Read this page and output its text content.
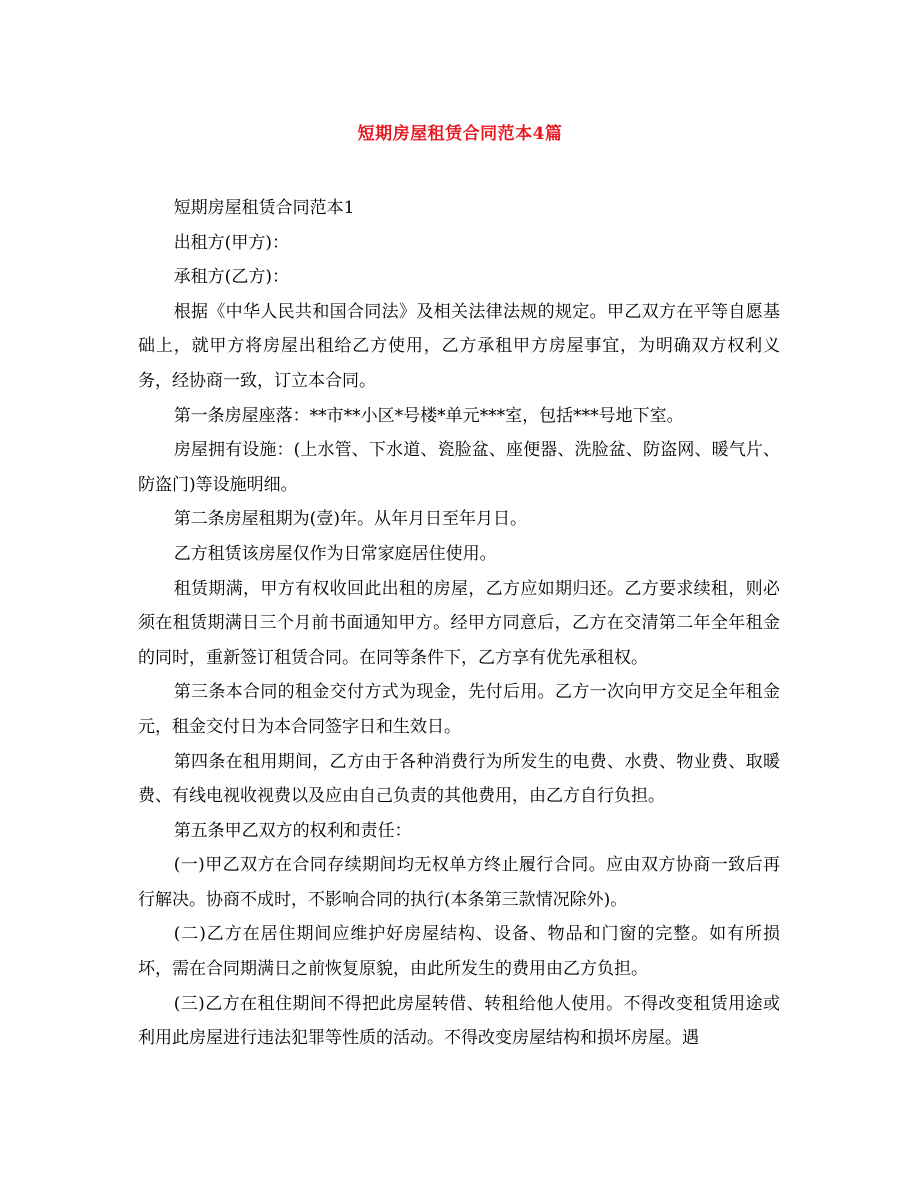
短期房屋租赁合同范本4篇

短期房屋租赁合同范本1

出租方(甲方)：

承租方(乙方)：

根据《中华人民共和国合同法》及相关法律法规的规定。甲乙双方在平等自愿基础上，就甲方将房屋出租给乙方使用，乙方承租甲方房屋事宜，为明确双方权利义务，经协商一致，订立本合同。

第一条房屋座落：**市**小区*号楼*单元***室，包括***号地下室。

房屋拥有设施：(上水管、下水道、瓷脸盆、座便器、洗脸盆、防盗网、暖气片、防盗门)等设施明细。

第二条房屋租期为(壹)年。从年月日至年月日。

乙方租赁该房屋仅作为日常家庭居住使用。

租赁期满，甲方有权收回此出租的房屋，乙方应如期归还。乙方要求续租，则必须在租赁期满日三个月前书面通知甲方。经甲方同意后，乙方在交清第二年全年租金的同时，重新签订租赁合同。在同等条件下，乙方享有优先承租权。

第三条本合同的租金交付方式为现金，先付后用。乙方一次向甲方交足全年租金元，租金交付日为本合同签字日和生效日。

第四条在租用期间，乙方由于各种消费行为所发生的电费、水费、物业费、取暖费、有线电视收视费以及应由自己负责的其他费用，由乙方自行负担。

第五条甲乙双方的权利和责任：

(一)甲乙双方在合同存续期间均无权单方终止履行合同。应由双方协商一致后再行解决。协商不成时，不影响合同的执行(本条第三款情况除外)。

(二)乙方在居住期间应维护好房屋结构、设备、物品和门窗的完整。如有所损坏，需在合同期满日之前恢复原貌，由此所发生的费用由乙方负担。

(三)乙方在租住期间不得把此房屋转借、转租给他人使用。不得改变租赁用途或利用此房屋进行违法犯罪等性质的活动。不得改变房屋结构和损坏房屋。遇
